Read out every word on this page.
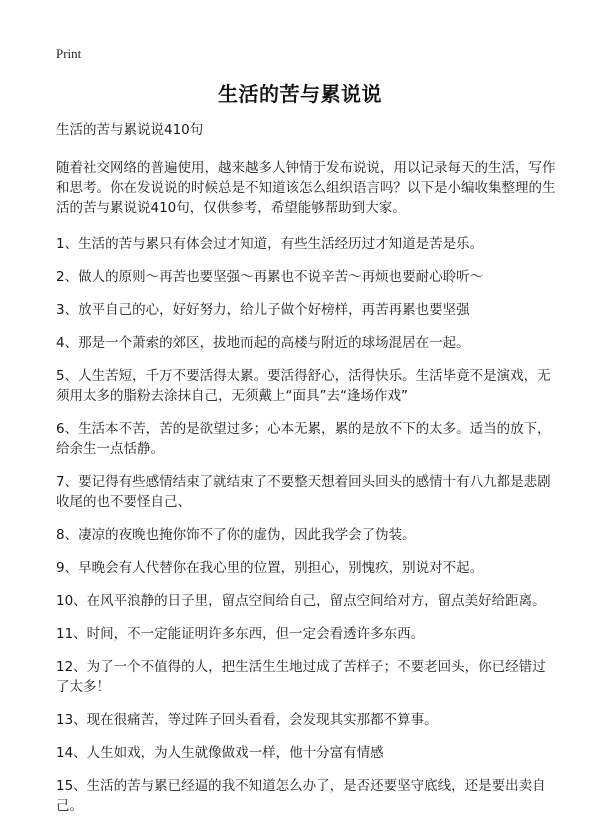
Print
生活的苦与累说说

生活的苦与累说说410句

随着社交网络的普遍使用，越来越多人钟情于发布说说，用以记录每天的生活，写作和思考。你在发说说的时候总是不知道该怎么组织语言吗？以下是小编收集整理的生活的苦与累说说410句，仅供参考，希望能够帮助到大家。

1、生活的苦与累只有体会过才知道，有些生活经历过才知道是苦是乐。

2、做人的原则～再苦也要坚强～再累也不说辛苦～再烦也要耐心聆听～

3、放平自己的心，好好努力，给儿子做个好榜样，再苦再累也要坚强

4、那是一个萧索的郊区，拔地而起的高楼与附近的球场混居在一起。

5、人生苦短，千万不要活得太累。要活得舒心，活得快乐。生活毕竟不是演戏，无须用太多的脂粉去涂抹自己，无须戴上“面具”去“逢场作戏”

6、生活本不苦，苦的是欲望过多；心本无累，累的是放不下的太多。适当的放下，给余生一点恬静。

7、要记得有些感情结束了就结束了不要整天想着回头回头的感情十有八九都是悲剧收尾的也不要怪自己、

8、凄凉的夜晚也掩你饰不了你的虚伪，因此我学会了伪装。

9、早晚会有人代替你在我心里的位置，别担心，别愧疚，别说对不起。

10、在风平浪静的日子里，留点空间给自己，留点空间给对方，留点美好给距离。

11、时间，不一定能证明许多东西，但一定会看透许多东西。

12、为了一个不值得的人，把生活生生地过成了苦样子；不要老回头，你已经错过了太多！

13、现在很痛苦，等过阵子回头看看，会发现其实那都不算事。

14、人生如戏，为人生就像做戏一样，他十分富有情感

15、生活的苦与累已经逼的我不知道怎么办了，是否还要坚守底线，还是要出卖自己。
